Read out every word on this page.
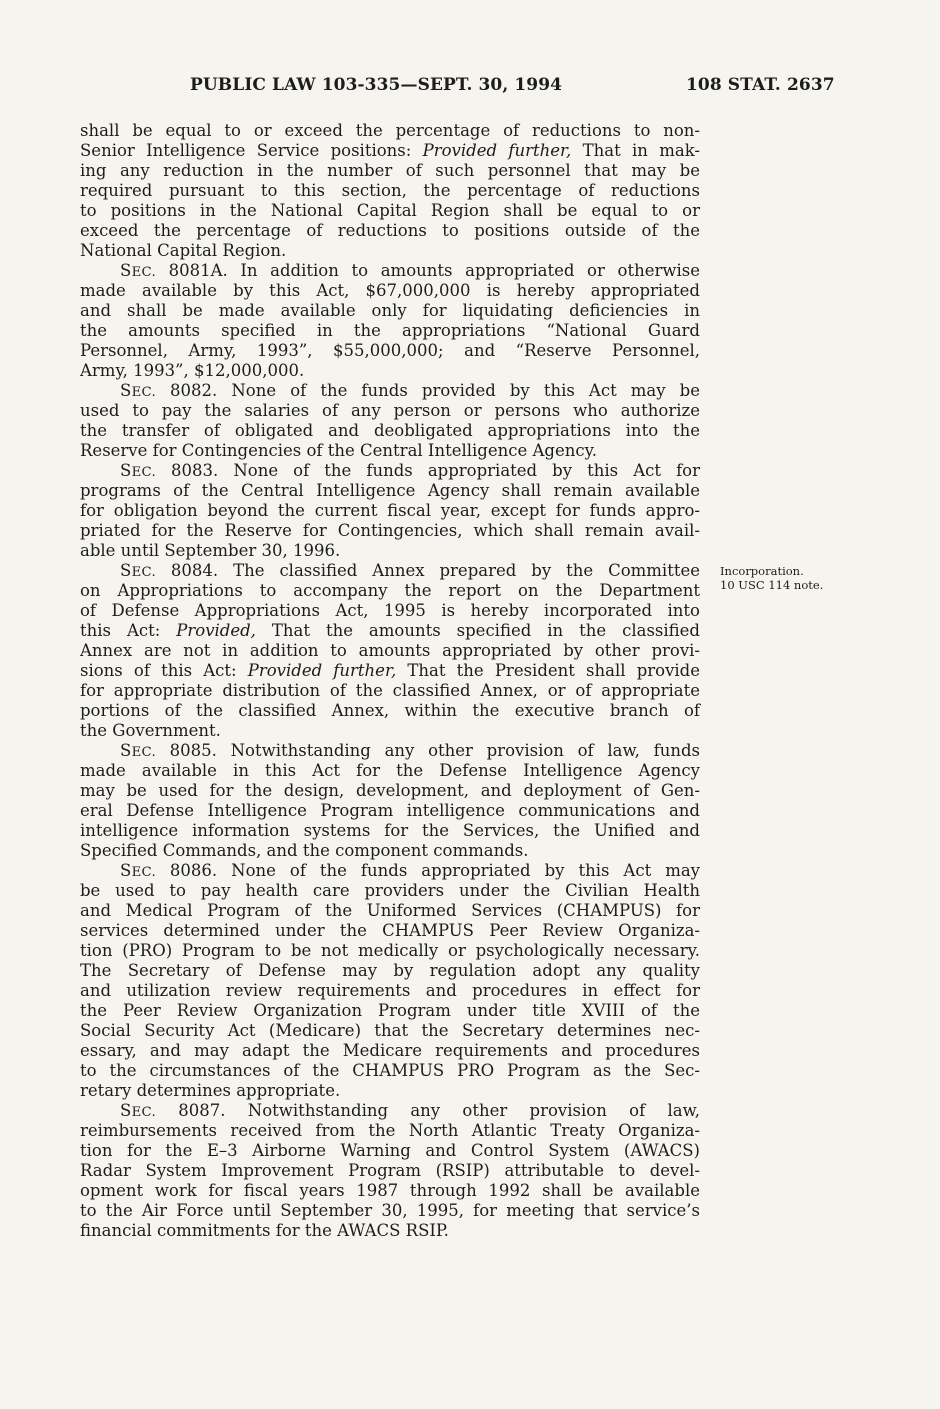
PUBLIC LAW 103-335—SEPT. 30, 1994	108 STAT. 2637
shall be equal to or exceed the percentage of reductions to non-
Senior Intelligence Service positions: Provided further, That in mak-
ing any reduction in the number of such personnel that may be
required pursuant to this section, the percentage of reductions
to positions in the National Capital Region shall be equal to or
exceed the percentage of reductions to positions outside of the
National Capital Region.
SEC. 8081A. In addition to amounts appropriated or otherwise
made available by this Act, $67,000,000 is hereby appropriated
and shall be made available only for liquidating deficiencies in
the amounts specified in the appropriations “National Guard
Personnel, Army, 1993”, $55,000,000; and “Reserve Personnel,
Army, 1993”, $12,000,000.
SEC. 8082. None of the funds provided by this Act may be
used to pay the salaries of any person or persons who authorize
the transfer of obligated and deobligated appropriations into the
Reserve for Contingencies of the Central Intelligence Agency.
SEC. 8083. None of the funds appropriated by this Act for
programs of the Central Intelligence Agency shall remain available
for obligation beyond the current fiscal year, except for funds appro-
priated for the Reserve for Contingencies, which shall remain avail-
able until September 30, 1996.
SEC. 8084. The classified Annex prepared by the Committee
on Appropriations to accompany the report on the Department
of Defense Appropriations Act, 1995 is hereby incorporated into
this Act: Provided, That the amounts specified in the classified
Annex are not in addition to amounts appropriated by other provi-
sions of this Act: Provided further, That the President shall provide
for appropriate distribution of the classified Annex, or of appropriate
portions of the classified Annex, within the executive branch of
the Government.
SEC. 8085. Notwithstanding any other provision of law, funds
made available in this Act for the Defense Intelligence Agency
may be used for the design, development, and deployment of Gen-
eral Defense Intelligence Program intelligence communications and
intelligence information systems for the Services, the Unified and
Specified Commands, and the component commands.
SEC. 8086. None of the funds appropriated by this Act may
be used to pay health care providers under the Civilian Health
and Medical Program of the Uniformed Services (CHAMPUS) for
services determined under the CHAMPUS Peer Review Organiza-
tion (PRO) Program to be not medically or psychologically necessary.
The Secretary of Defense may by regulation adopt any quality
and utilization review requirements and procedures in effect for
the Peer Review Organization Program under title XVIII of the
Social Security Act (Medicare) that the Secretary determines nec-
essary, and may adapt the Medicare requirements and procedures
to the circumstances of the CHAMPUS PRO Program as the Sec-
retary determines appropriate.
SEC. 8087. Notwithstanding any other provision of law,
reimbursements received from the North Atlantic Treaty Organiza-
tion for the E–3 Airborne Warning and Control System (AWACS)
Radar System Improvement Program (RSIP) attributable to devel-
opment work for fiscal years 1987 through 1992 shall be available
to the Air Force until September 30, 1995, for meeting that service’s
financial commitments for the AWACS RSIP.
Incorporation.
10 USC 114 note.
